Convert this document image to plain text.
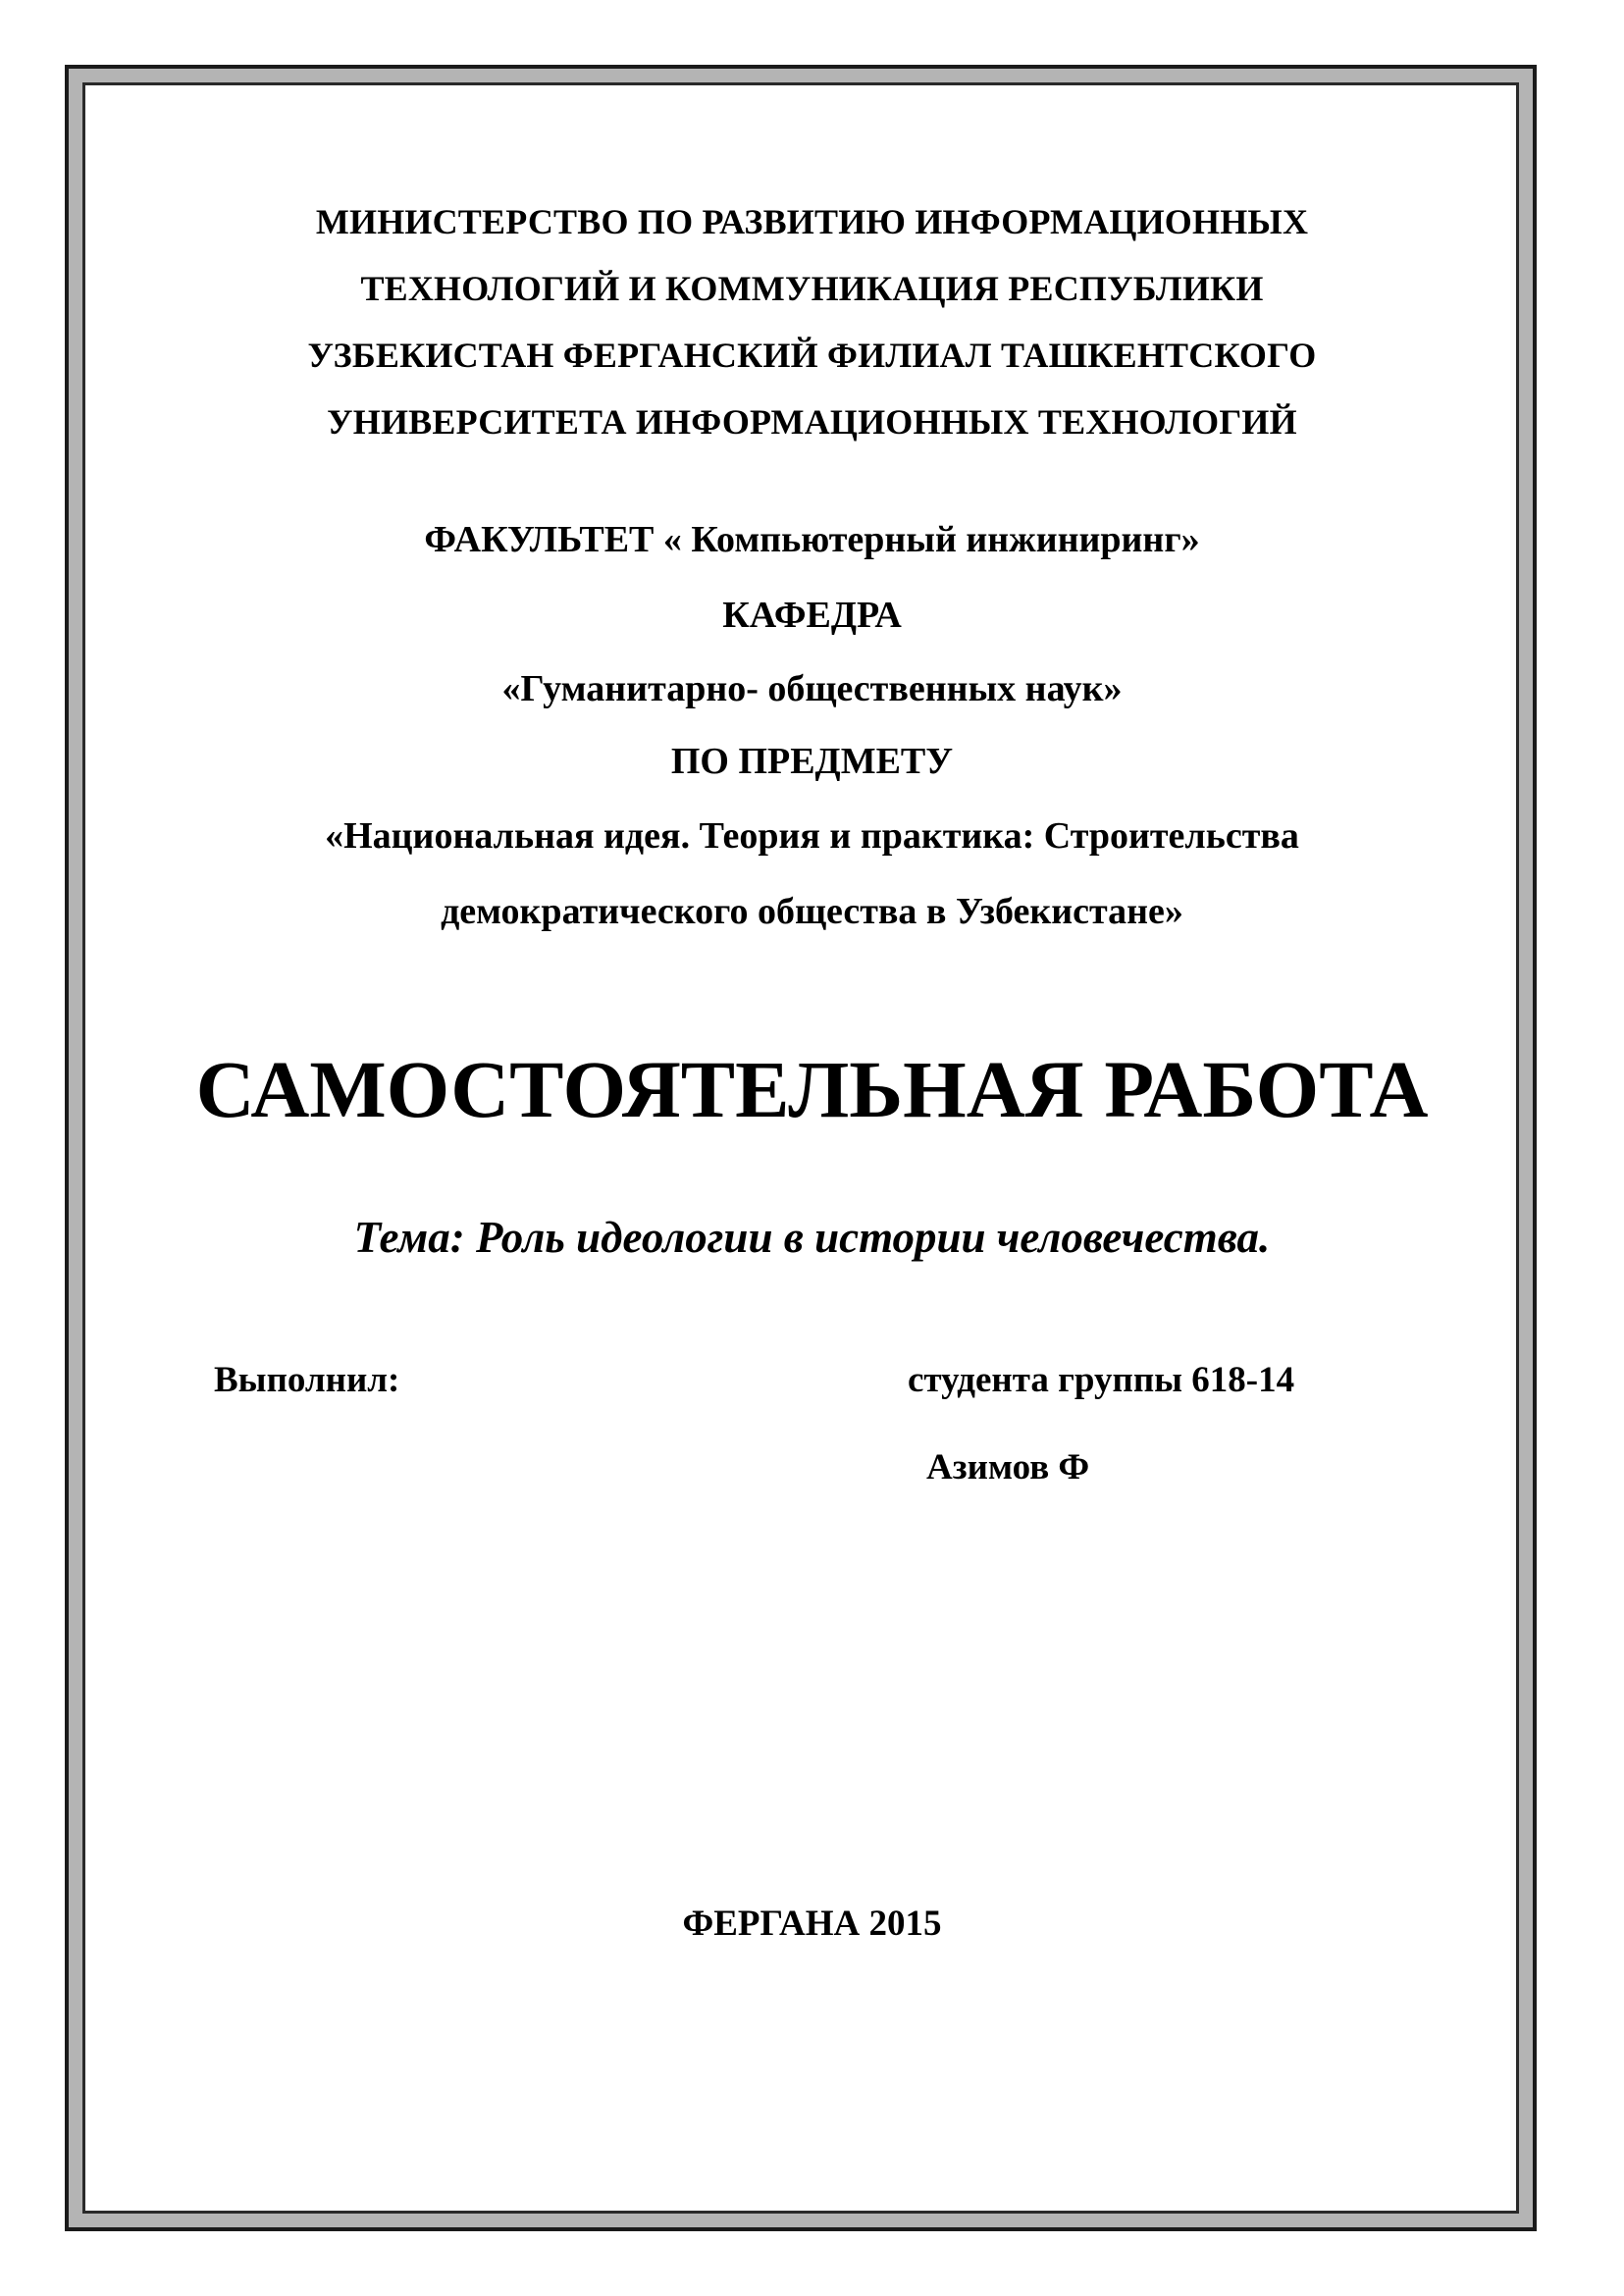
МИНИСТЕРСТВО ПО РАЗВИТИЮ ИНФОРМАЦИОННЫХ
ТЕХНОЛОГИЙ И КОММУНИКАЦИЯ РЕСПУБЛИКИ
УЗБЕКИСТАН ФЕРГАНСКИЙ ФИЛИАЛ ТАШКЕНТСКОГО
УНИВЕРСИТЕТА ИНФОРМАЦИОННЫХ ТЕХНОЛОГИЙ
ФАКУЛЬТЕТ « Компьютерный инжиниринг»
КАФЕДРА
«Гуманитарно- общественных наук»
ПО ПРЕДМЕТУ
«Национальная идея. Теория и практика: Строительства
демократического общества в Узбекистане»
САМОСТОЯТЕЛЬНАЯ РАБОТА
Тема: Роль идеологии в истории человечества.
Выполнил:	студента группы 618-14
Азимов Ф
ФЕРГАНА 2015
